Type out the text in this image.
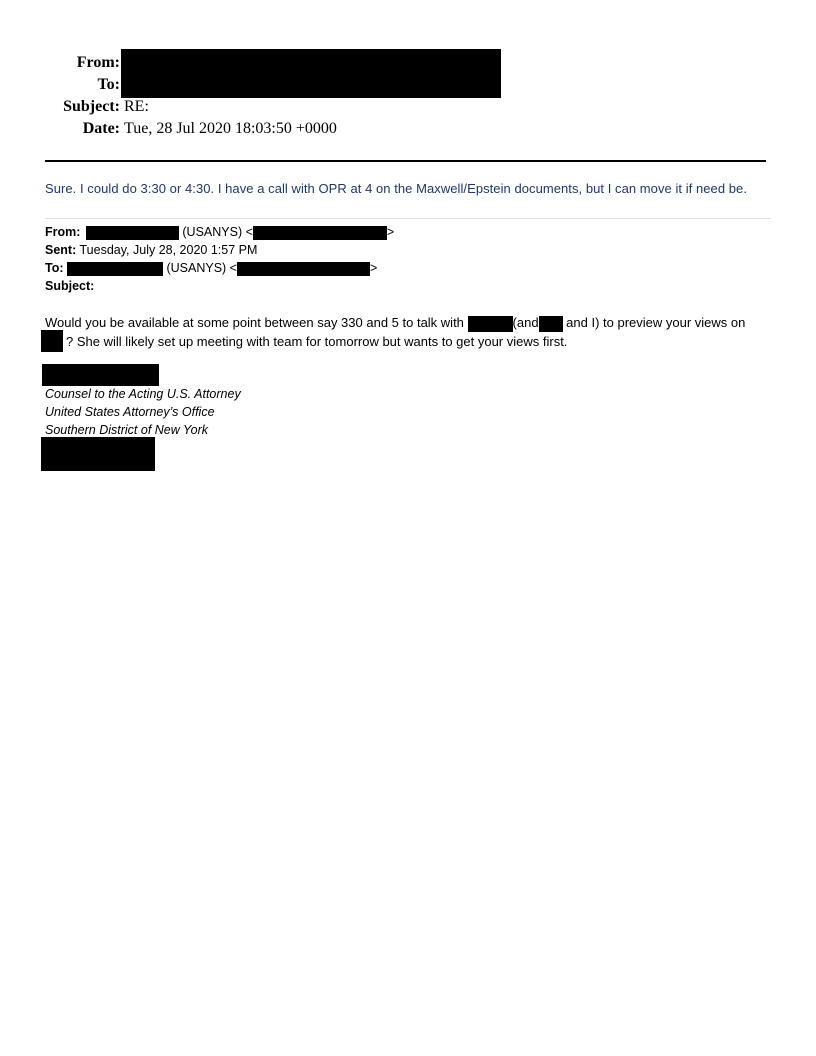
From:
To:
Subject: RE:
Date: Tue, 28 Jul 2020 18:03:50 +0000
Sure. I could do 3:30 or 4:30. I have a call with OPR at 4 on the Maxwell/Epstein documents, but I can move it if need be.
From:	(USANYS) <	>
Sent: Tuesday, July 28, 2020 1:57 PM
To:	(USANYS) <	>
Subject:
Would you be available at some point between say 330 and 5 to talk with	(and and I) to preview your views on
? She will likely set up meeting with team for tomorrow but wants to get your views first.
Counsel to the Acting U.S. Attorney
United States Attorney’s Office
Southern District of New York
